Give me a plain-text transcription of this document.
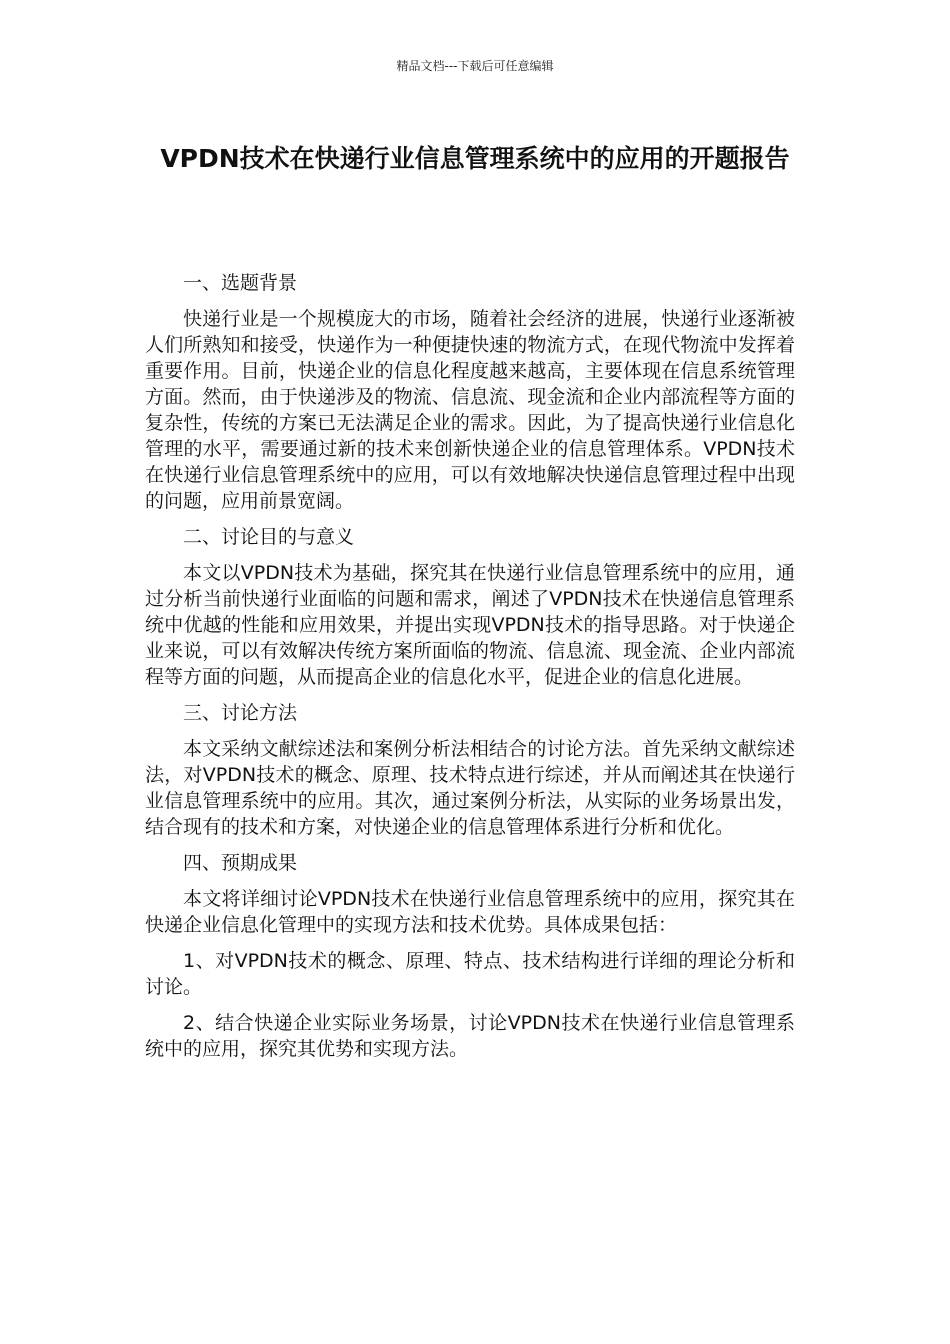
精品文档---下载后可任意编辑
VPDN技术在快递行业信息管理系统中的应用的开题报告

一、选题背景

快递行业是一个规模庞大的市场，随着社会经济的进展，快递行业逐渐被人们所熟知和接受，快递作为一种便捷快速的物流方式，在现代物流中发挥着重要作用。目前，快递企业的信息化程度越来越高，主要体现在信息系统管理方面。然而，由于快递涉及的物流、信息流、现金流和企业内部流程等方面的复杂性，传统的方案已无法满足企业的需求。因此，为了提高快递行业信息化管理的水平，需要通过新的技术来创新快递企业的信息管理体系。VPDN技术在快递行业信息管理系统中的应用，可以有效地解决快递信息管理过程中出现的问题，应用前景宽阔。

二、讨论目的与意义

本文以VPDN技术为基础，探究其在快递行业信息管理系统中的应用，通过分析当前快递行业面临的问题和需求，阐述了VPDN技术在快递信息管理系统中优越的性能和应用效果，并提出实现VPDN技术的指导思路。对于快递企业来说，可以有效解决传统方案所面临的物流、信息流、现金流、企业内部流程等方面的问题，从而提高企业的信息化水平，促进企业的信息化进展。

三、讨论方法

本文采纳文献综述法和案例分析法相结合的讨论方法。首先采纳文献综述法，对VPDN技术的概念、原理、技术特点进行综述，并从而阐述其在快递行业信息管理系统中的应用。其次，通过案例分析法，从实际的业务场景出发，结合现有的技术和方案，对快递企业的信息管理体系进行分析和优化。

四、预期成果

本文将详细讨论VPDN技术在快递行业信息管理系统中的应用，探究其在快递企业信息化管理中的实现方法和技术优势。具体成果包括：

1、对VPDN技术的概念、原理、特点、技术结构进行详细的理论分析和讨论。

2、结合快递企业实际业务场景，讨论VPDN技术在快递行业信息管理系统中的应用，探究其优势和实现方法。
